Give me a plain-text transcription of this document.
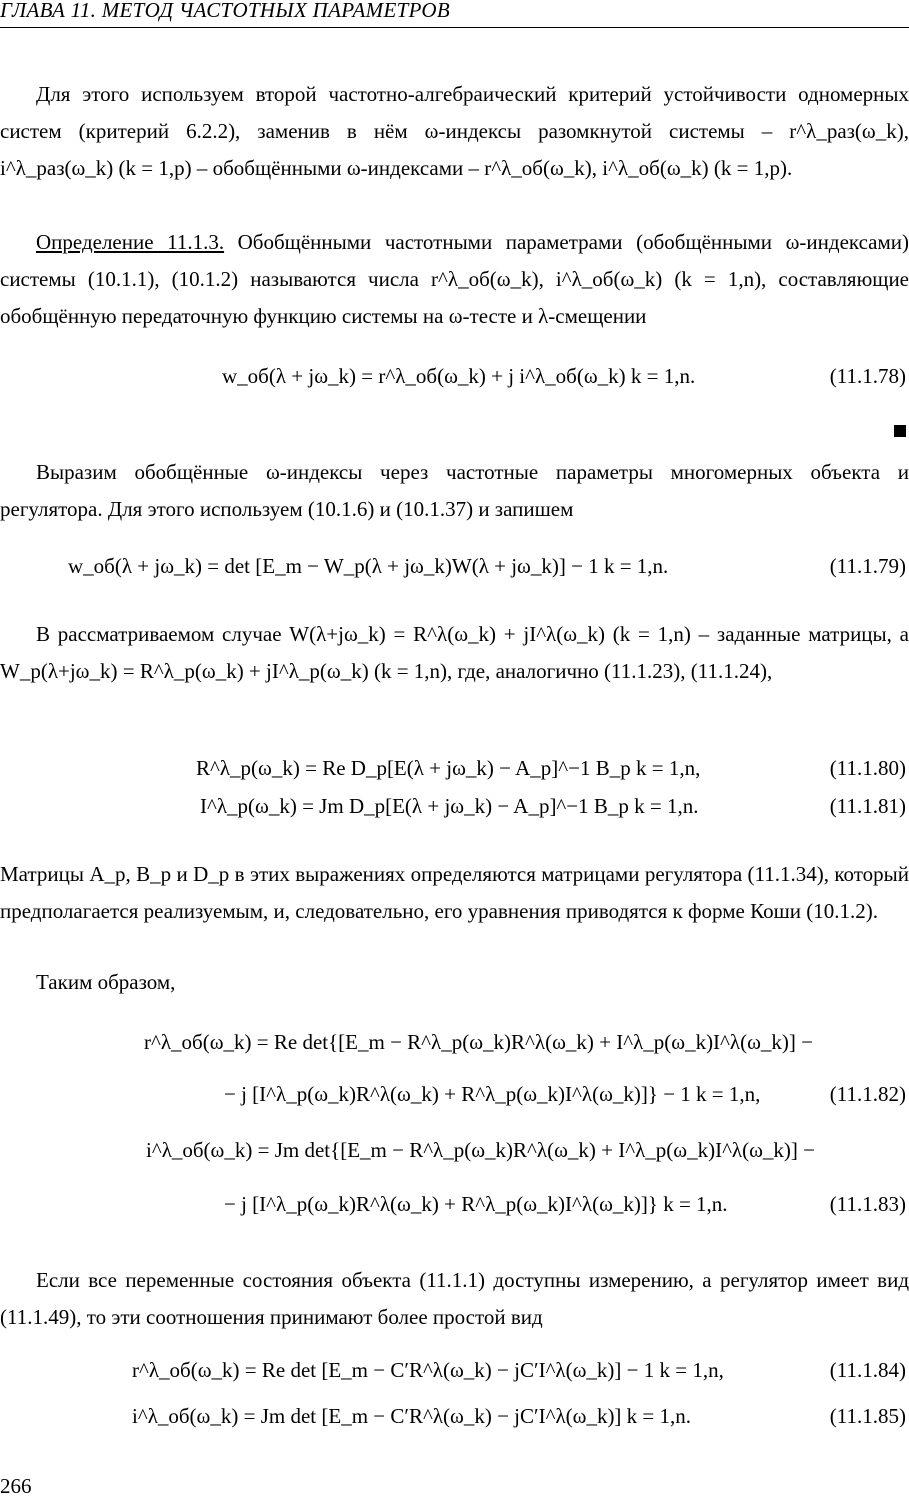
ГЛАВА 11. МЕТОД ЧАСТОТНЫХ ПАРАМЕТРОВ
Для этого используем второй частотно-алгебраический критерий устойчивости одномерных систем (критерий 6.2.2), заменив в нём ω-индексы разомкнутой системы – r^λ_раз(ω_k), i^λ_раз(ω_k) (k = 1,p) – обобщёнными ω-индексами – r^λ_об(ω_k), i^λ_об(ω_k) (k = 1,p).
Определение 11.1.3. Обобщёнными частотными параметрами (обобщёнными ω-индексами) системы (10.1.1), (10.1.2) называются числа r^λ_об(ω_k), i^λ_об(ω_k) (k = 1,n), составляющие обобщённую передаточную функцию системы на ω-тесте и λ-смещении
w_об(λ + jω_k) = r^λ_об(ω_k) + j i^λ_об(ω_k) k = 1,n.	(11.1.78)
Выразим обобщённые ω-индексы через частотные параметры многомерных объекта и регулятора. Для этого используем (10.1.6) и (10.1.37) и запишем
w_об(λ + jω_k) = det [E_m − W_p(λ + jω_k)W(λ + jω_k)] − 1 k = 1,n.	(11.1.79)
В рассматриваемом случае W(λ+jω_k) = R^λ(ω_k) + jI^λ(ω_k) (k = 1,n) – заданные матрицы, а W_p(λ+jω_k) = R^λ_p(ω_k) + jI^λ_p(ω_k) (k = 1,n), где, аналогично (11.1.23), (11.1.24),
R^λ_p(ω_k) = Re D_p[E(λ + jω_k) − A_p]^−1 B_p k = 1,n,	(11.1.80)
I^λ_p(ω_k) = Jm D_p[E(λ + jω_k) − A_p]^−1 B_p k = 1,n.	(11.1.81)
Матрицы A_p, B_p и D_p в этих выражениях определяются матрицами регулятора (11.1.34), который предполагается реализуемым, и, следовательно, его уравнения приводятся к форме Коши (10.1.2).
Таким образом,
r^λ_об(ω_k) = Re det{[E_m − R^λ_p(ω_k)R^λ(ω_k) + I^λ_p(ω_k)I^λ(ω_k)] −
− j [I^λ_p(ω_k)R^λ(ω_k) + R^λ_p(ω_k)I^λ(ω_k)]} − 1 k = 1,n,	(11.1.82)
i^λ_об(ω_k) = Jm det{[E_m − R^λ_p(ω_k)R^λ(ω_k) + I^λ_p(ω_k)I^λ(ω_k)] −
− j [I^λ_p(ω_k)R^λ(ω_k) + R^λ_p(ω_k)I^λ(ω_k)]} k = 1,n.	(11.1.83)
Если все переменные состояния объекта (11.1.1) доступны измерению, а регулятор имеет вид (11.1.49), то эти соотношения принимают более простой вид
r^λ_об(ω_k) = Re det [E_m − C′R^λ(ω_k) − jC′I^λ(ω_k)] − 1 k = 1,n,	(11.1.84)
i^λ_об(ω_k) = Jm det [E_m − C′R^λ(ω_k) − jC′I^λ(ω_k)] k = 1,n.	(11.1.85)
266
